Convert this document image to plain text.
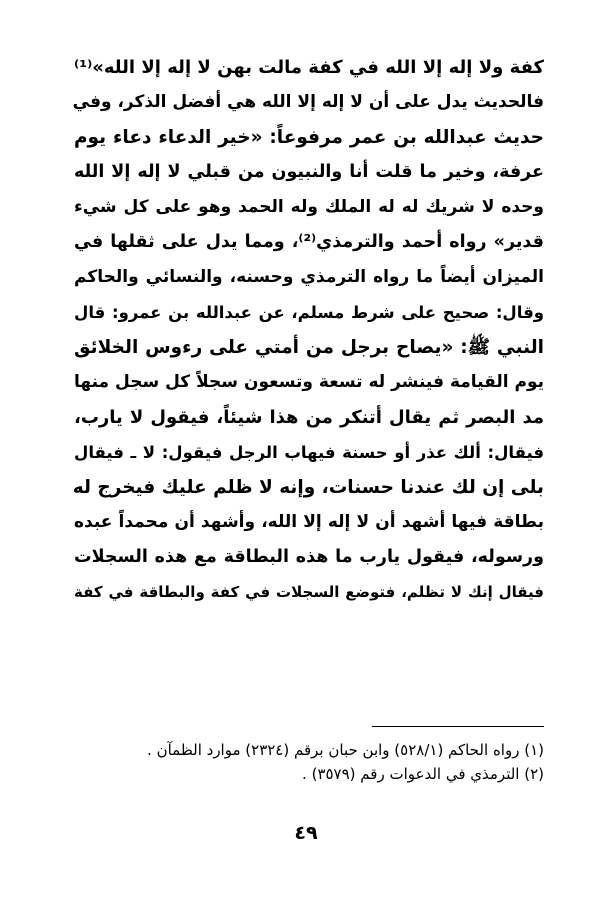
كفة ولا إله إلا الله في كفة مالت بهن لا إله إلا الله»⁽¹⁾
فالحديث يدل على أن لا إله إلا الله هي أفضل الذكر، وفي
حديث عبدالله بن عمر مرفوعاً: «خير الدعاء دعاء يوم
عرفة، وخير ما قلت أنا والنبيون من قبلي لا إله إلا الله
وحده لا شريك له له الملك وله الحمد وهو على كل شيء
قدير» رواه أحمد والترمذي⁽²⁾، ومما يدل على ثقلها في
الميزان أيضاً ما رواه الترمذي وحسنه، والنسائي والحاكم
وقال: صحيح على شرط مسلم، عن عبدالله بن عمرو: قال
النبي ﷺ: «يصاح برجل من أمتي على رءوس الخلائق
يوم القيامة فينشر له تسعة وتسعون سجلاً كل سجل منها
مد البصر ثم يقال أتنكر من هذا شيئاً، فيقول لا يارب،
فيقال: ألك عذر أو حسنة فيهاب الرجل فيقول: لا ـ فيقال
بلى إن لك عندنا حسنات، وإنه لا ظلم عليك فيخرج له
بطاقة فيها أشهد أن لا إله إلا الله، وأشهد أن محمداً عبده
ورسوله، فيقول يارب ما هذه البطاقة مع هذه السجلات
فيقال إنك لا تظلم، فتوضع السجلات في كفة والبطاقة في كفة
(١) رواه الحاكم (٥٢٨/١) وابن حبان برقم (٢٣٢٤) موارد الظمآن .
(٢) الترمذي في الدعوات رقم (٣٥٧٩) .
٤٩
